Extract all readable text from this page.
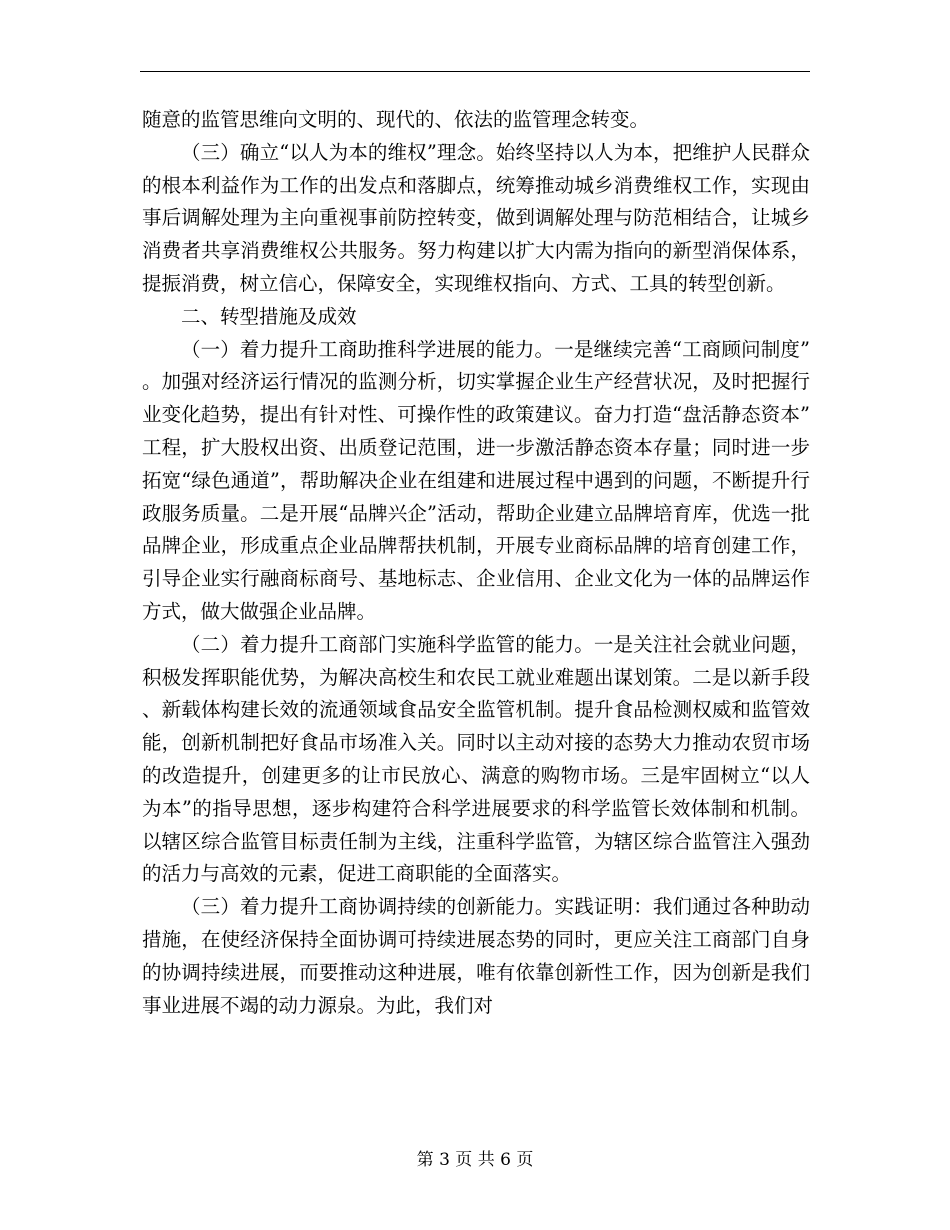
随意的监管思维向文明的、现代的、依法的监管理念转变。

（三）确立“以人为本的维权”理念。始终坚持以人为本，把维护人民群众的根本利益作为工作的出发点和落脚点，统筹推动城乡消费维权工作，实现由事后调解处理为主向重视事前防控转变，做到调解处理与防范相结合，让城乡消费者共享消费维权公共服务。努力构建以扩大内需为指向的新型消保体系，提振消费，树立信心，保障安全，实现维权指向、方式、工具的转型创新。

二、转型措施及成效

（一）着力提升工商助推科学进展的能力。一是继续完善“工商顾问制度”。加强对经济运行情况的监测分析，切实掌握企业生产经营状况，及时把握行业变化趋势，提出有针对性、可操作性的政策建议。奋力打造“盘活静态资本”工程，扩大股权出资、出质登记范围，进一步激活静态资本存量；同时进一步拓宽“绿色通道”，帮助解决企业在组建和进展过程中遇到的问题，不断提升行政服务质量。二是开展“品牌兴企”活动，帮助企业建立品牌培育库，优选一批品牌企业，形成重点企业品牌帮扶机制，开展专业商标品牌的培育创建工作，引导企业实行融商标商号、基地标志、企业信用、企业文化为一体的品牌运作方式，做大做强企业品牌。

（二）着力提升工商部门实施科学监管的能力。一是关注社会就业问题，积极发挥职能优势，为解决高校生和农民工就业难题出谋划策。二是以新手段、新载体构建长效的流通领域食品安全监管机制。提升食品检测权威和监管效能，创新机制把好食品市场准入关。同时以主动对接的态势大力推动农贸市场的改造提升，创建更多的让市民放心、满意的购物市场。三是牢固树立“以人为本”的指导思想，逐步构建符合科学进展要求的科学监管长效体制和机制。以辖区综合监管目标责任制为主线，注重科学监管，为辖区综合监管注入强劲的活力与高效的元素，促进工商职能的全面落实。

（三）着力提升工商协调持续的创新能力。实践证明：我们通过各种助动措施，在使经济保持全面协调可持续进展态势的同时，更应关注工商部门自身的协调持续进展，而要推动这种进展，唯有依靠创新性工作，因为创新是我们事业进展不竭的动力源泉。为此，我们对

第 3 页 共 6 页
